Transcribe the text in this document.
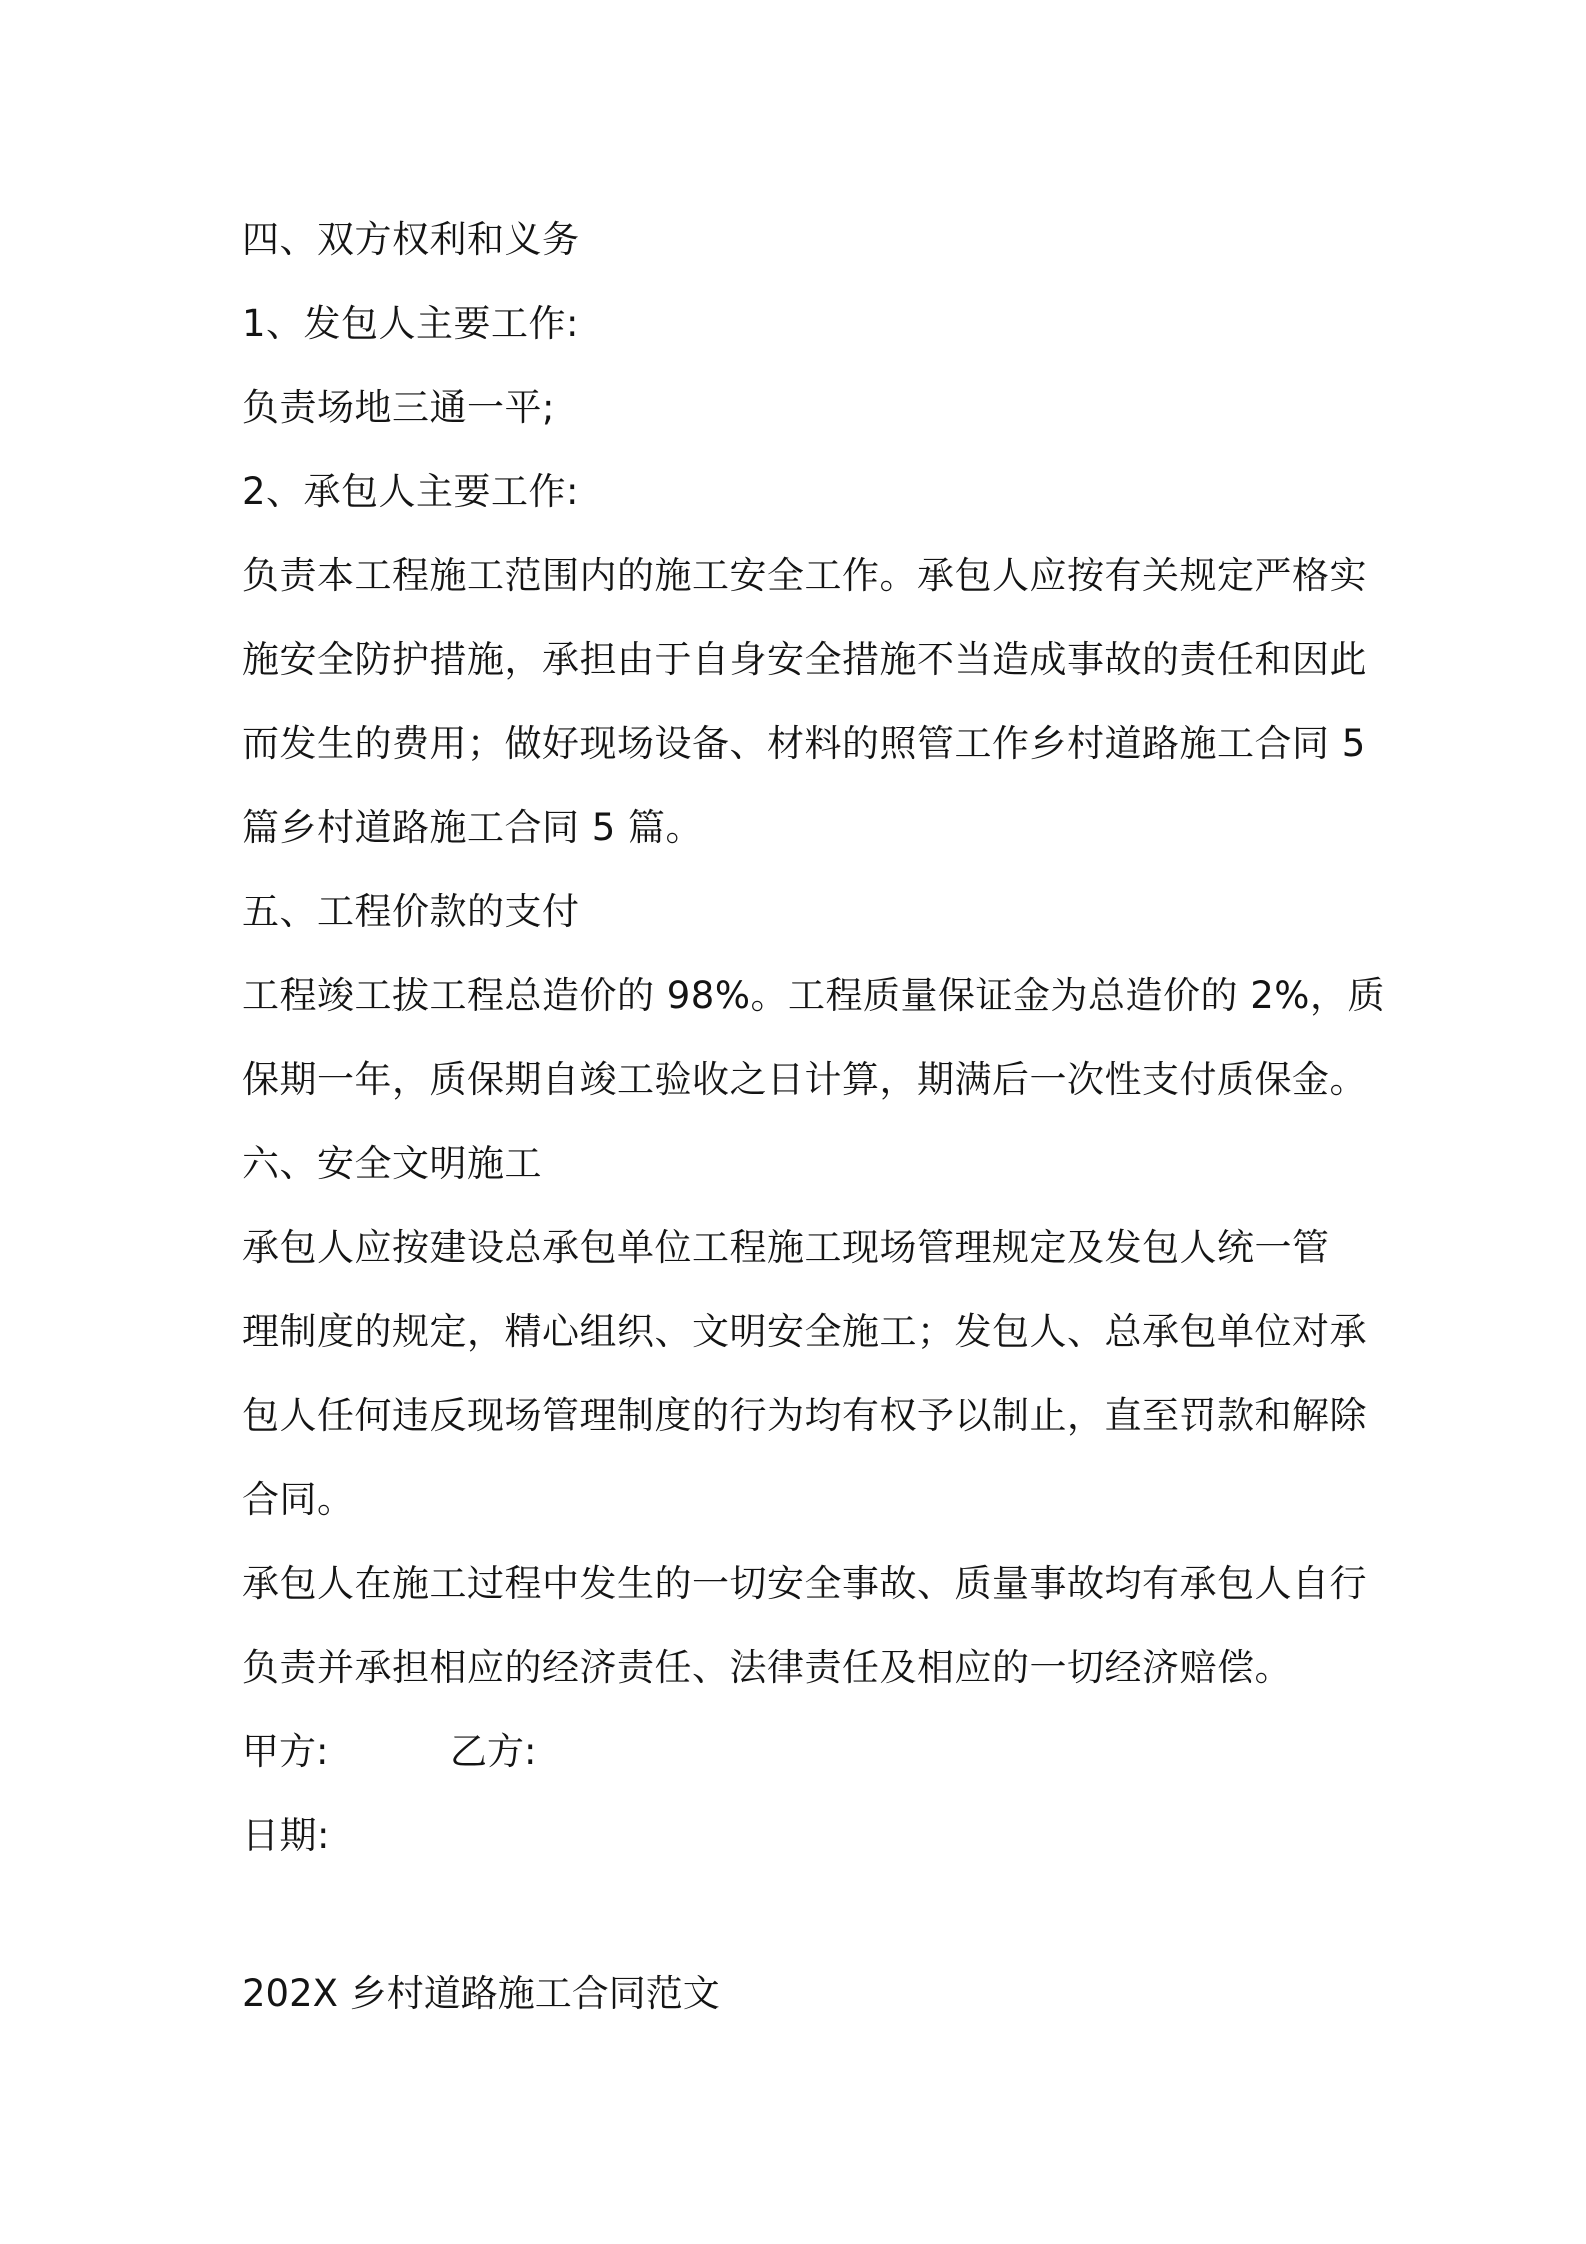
四、双方权利和义务
1、发包人主要工作:
负责场地三通一平;
2、承包人主要工作:
负责本工程施工范围内的施工安全工作。承包人应按有关规定严格实
施安全防护措施，承担由于自身安全措施不当造成事故的责任和因此
而发生的费用；做好现场设备、材料的照管工作乡村道路施工合同 5
篇乡村道路施工合同 5 篇。
五、工程价款的支付
工程竣工拔工程总造价的 98%。工程质量保证金为总造价的 2%，质
保期一年，质保期自竣工验收之日计算，期满后一次性支付质保金。
六、安全文明施工
承包人应按建设总承包单位工程施工现场管理规定及发包人统一管
理制度的规定，精心组织、文明安全施工；发包人、总承包单位对承
包人任何违反现场管理制度的行为均有权予以制止，直至罚款和解除
合同。
承包人在施工过程中发生的一切安全事故、质量事故均有承包人自行
负责并承担相应的经济责任、法律责任及相应的一切经济赔偿。
甲方:	乙方:
日期:
202X 乡村道路施工合同范文
